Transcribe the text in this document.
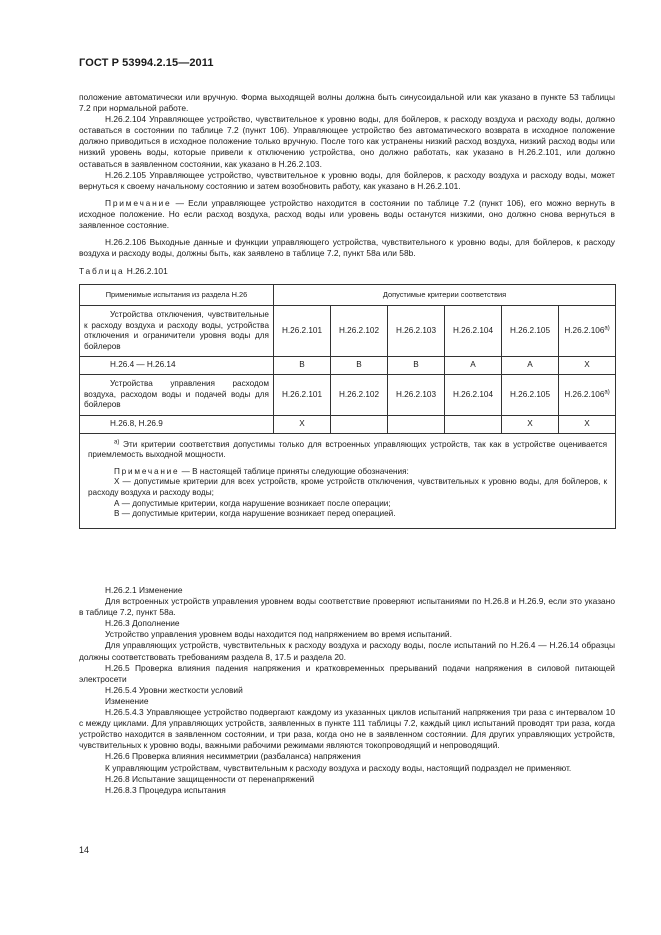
ГОСТ Р 53994.2.15—2011

положение автоматически или вручную. Форма выходящей волны должна быть синусоидальной или как указано в пункте 53 таблицы 7.2 при нормальной работе.

Н.26.2.104 Управляющее устройство, чувствительное к уровню воды, для бойлеров, к расходу воздуха и расходу воды, должно оставаться в состоянии по таблице 7.2 (пункт 106). Управляющее устройство без автоматического возврата в исходное положение должно приводиться в исходное положение только вручную. После того как устранены низкий расход воздуха, низкий расход воды или низкий уровень воды, которые привели к отключению устройства, оно должно работать, как указано в Н.26.2.101, или должно оставаться в заявленном состоянии, как указано в Н.26.2.103.

Н.26.2.105 Управляющее устройство, чувствительное к уровню воды, для бойлеров, к расходу воздуха и расходу воды, может вернуться к своему начальному состоянию и затем возобновить работу, как указано в Н.26.2.101.

Примечание — Если управляющее устройство находится в состоянии по таблице 7.2 (пункт 106), его можно вернуть в исходное положение. Но если расход воздуха, расход воды или уровень воды останутся низкими, оно должно снова вернуться в заявленное состояние.

Н.26.2.106 Выходные данные и функции управляющего устройства, чувствительного к уровню воды, для бойлеров, к расходу воздуха и расходу воды, должны быть, как заявлено в таблице 7.2, пункт 58а или 58b.

Таблица Н.26.2.101

Применимые испытания из раздела Н.26	Допустимые критерии соответствия					
Устройства отключения, чувствительные к расходу воздуха и расходу воды, устройства отключения и ограничители уровня воды для бойлеров	Н.26.2.101	Н.26.2.102	Н.26.2.103	Н.26.2.104	Н.26.2.105	$Н.26.2.106^{а)}$
Н.26.4 — Н.26.14	В	В	В	А	А	X
Устройства управления расходом воздуха, расходом воды и подачей воды для бойлеров	Н.26.2.101	Н.26.2.102	Н.26.2.103	Н.26.2.104	Н.26.2.105	$Н.26.2.106^{а)}$
Н.26.8, Н.26.9	X				X	X

$^{а)}$ Эти критерии соответствия допустимы только для встроенных управляющих устройств, так как в устройстве оценивается приемлемость выходной мощности.

Примечание — В настоящей таблице приняты следующие обозначения:

X — допустимые критерии для всех устройств, кроме устройств отключения, чувствительных к уровню воды, для бойлеров, к расходу воздуха и расходу воды;

А — допустимые критерии, когда нарушение возникает после операции;

В — допустимые критерии, когда нарушение возникает перед операцией.						

Н.26.2.1 Изменение

Для встроенных устройств управления уровнем воды соответствие проверяют испытаниями по Н.26.8 и Н.26.9, если это указано в таблице 7.2, пункт 58а.

Н.26.3 Дополнение

Устройство управления уровнем воды находится под напряжением во время испытаний.

Для управляющих устройств, чувствительных к расходу воздуха и расходу воды, после испытаний по Н.26.4 — Н.26.14 образцы должны соответствовать требованиям раздела 8, 17.5 и раздела 20.

Н.26.5 Проверка влияния падения напряжения и кратковременных прерываний подачи напряжения в силовой питающей электросети

Н.26.5.4 Уровни жесткости условий

Изменение

Н.26.5.4.3 Управляющее устройство подвергают каждому из указанных циклов испытаний напряжения три раза с интервалом 10 с между циклами. Для управляющих устройств, заявленных в пункте 111 таблицы 7.2, каждый цикл испытаний проводят три раза, когда устройство находится в заявленном состоянии, и три раза, когда оно не в заявленном состоянии. Для других управляющих устройств, чувствительных к уровню воды, важными рабочими режимами являются токопроводящий и непроводящий.

Н.26.6 Проверка влияния несимметрии (разбаланса) напряжения

К управляющим устройствам, чувствительным к расходу воздуха и расходу воды, настоящий подраздел не применяют.

Н.26.8 Испытание защищенности от перенапряжений

Н.26.8.3 Процедура испытания

14
